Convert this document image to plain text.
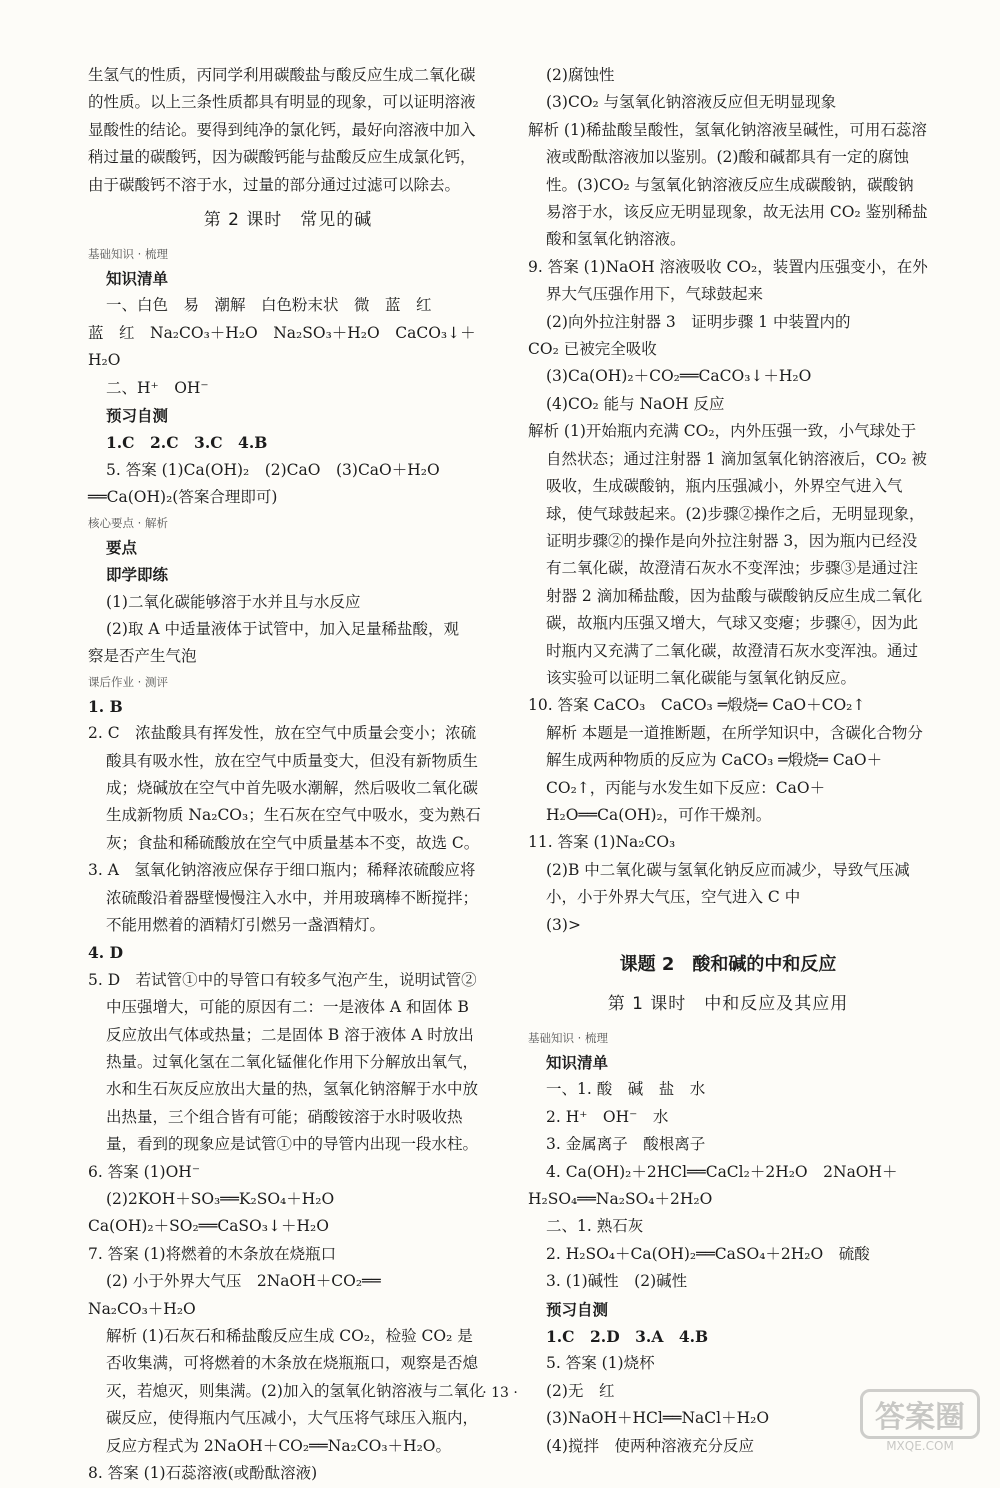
生氢气的性质，丙同学利用碳酸盐与酸反应生成二氧化碳的性质。以上三条性质都具有明显的现象，可以证明溶液显酸性的结论。要得到纯净的氯化钙，最好向溶液中加入稍过量的碳酸钙，因为碳酸钙能与盐酸反应生成氯化钙，由于碳酸钙不溶于水，过量的部分通过过滤可以除去。
第 2 课时　常见的碱
基础知识 · 梳理
知识清单
一、白色　易　潮解　白色粉末状　微　蓝　红
蓝　红　Na₂CO₃＋H₂O　Na₂SO₃＋H₂O　CaCO₃↓＋H₂O
二、H⁺　OH⁻
预习自测
1.C　2.C　3.C　4.B
5. 答案 (1)Ca(OH)₂　(2)CaO　(3)CaO＋H₂O
══Ca(OH)₂(答案合理即可)
核心要点 · 解析
要点
即学即练
(1)二氧化碳能够溶于水并且与水反应
(2)取 A 中适量液体于试管中，加入足量稀盐酸，观
察是否产生气泡
课后作业 · 测评
1. B
2. C　浓盐酸具有挥发性，放在空气中质量会变小；浓硫酸具有吸水性，放在空气中质量变大，但没有新物质生成；烧碱放在空气中首先吸水潮解，然后吸收二氧化碳生成新物质 Na₂CO₃；生石灰在空气中吸水，变为熟石灰；食盐和稀硫酸放在空气中质量基本不变，故选 C。
3. A　氢氧化钠溶液应保存于细口瓶内；稀释浓硫酸应将浓硫酸沿着器壁慢慢注入水中，并用玻璃棒不断搅拌；不能用燃着的酒精灯引燃另一盏酒精灯。
4. D
5. D　若试管①中的导管口有较多气泡产生，说明试管②中压强增大，可能的原因有二：一是液体 A 和固体 B 反应放出气体或热量；二是固体 B 溶于液体 A 时放出热量。过氧化氢在二氧化锰催化作用下分解放出氧气，水和生石灰反应放出大量的热，氢氧化钠溶解于水中放出热量，三个组合皆有可能；硝酸铵溶于水时吸收热量，看到的现象应是试管①中的导管内出现一段水柱。
6. 答案 (1)OH⁻
(2)2KOH＋SO₃══K₂SO₄＋H₂O
Ca(OH)₂＋SO₂══CaSO₃↓＋H₂O
7. 答案 (1)将燃着的木条放在烧瓶口
(2) 小于外界大气压　2NaOH＋CO₂══
Na₂CO₃＋H₂O
解析 (1)石灰石和稀盐酸反应生成 CO₂，检验 CO₂ 是否收集满，可将燃着的木条放在烧瓶瓶口，观察是否熄灭，若熄灭，则集满。(2)加入的氢氧化钠溶液与二氧化碳反应，使得瓶内气压减小，大气压将气球压入瓶内，反应方程式为 2NaOH＋CO₂══Na₂CO₃＋H₂O。
8. 答案 (1)石蕊溶液(或酚酞溶液)
(2)腐蚀性
(3)CO₂ 与氢氧化钠溶液反应但无明显现象
解析 (1)稀盐酸呈酸性，氢氧化钠溶液呈碱性，可用石蕊溶液或酚酞溶液加以鉴别。(2)酸和碱都具有一定的腐蚀性。(3)CO₂ 与氢氧化钠溶液反应生成碳酸钠，碳酸钠易溶于水，该反应无明显现象，故无法用 CO₂ 鉴别稀盐酸和氢氧化钠溶液。
9. 答案 (1)NaOH 溶液吸收 CO₂，装置内压强变小，在外界大气压强作用下，气球鼓起来
(2)向外拉注射器 3　证明步骤 1 中装置内的
CO₂ 已被完全吸收
(3)Ca(OH)₂＋CO₂══CaCO₃↓＋H₂O
(4)CO₂ 能与 NaOH 反应
解析 (1)开始瓶内充满 CO₂，内外压强一致，小气球处于自然状态；通过注射器 1 滴加氢氧化钠溶液后，CO₂ 被吸收，生成碳酸钠，瓶内压强减小，外界空气进入气球，使气球鼓起来。(2)步骤②操作之后，无明显现象，证明步骤②的操作是向外拉注射器 3，因为瓶内已经没有二氧化碳，故澄清石灰水不变浑浊；步骤③是通过注射器 2 滴加稀盐酸，因为盐酸与碳酸钠反应生成二氧化碳，故瓶内压强又增大，气球又变瘪；步骤④，因为此时瓶内又充满了二氧化碳，故澄清石灰水变浑浊。通过该实验可以证明二氧化碳能与氢氧化钠反应。
10. 答案 CaCO₃　CaCO₃ ═煅烧═ CaO＋CO₂↑
解析 本题是一道推断题，在所学知识中，含碳化合物分解生成两种物质的反应为 CaCO₃ ═煅烧═ CaO＋CO₂↑，丙能与水发生如下反应：CaO＋H₂O══Ca(OH)₂，可作干燥剂。
11. 答案 (1)Na₂CO₃
(2)B 中二氧化碳与氢氧化钠反应而减少，导致气压减小，小于外界大气压，空气进入 C 中
(3)>
课题 2　酸和碱的中和反应
第 1 课时　中和反应及其应用
基础知识 · 梳理
知识清单
一、1. 酸　碱　盐　水
2. H⁺　OH⁻　水
3. 金属离子　酸根离子
4. Ca(OH)₂＋2HCl══CaCl₂＋2H₂O　2NaOH＋
H₂SO₄══Na₂SO₄＋2H₂O
二、1. 熟石灰
2. H₂SO₄＋Ca(OH)₂══CaSO₄＋2H₂O　硫酸
3. (1)碱性　(2)碱性
预习自测
1.C　2.D　3.A　4.B
5. 答案 (1)烧杯
(2)无　红
(3)NaOH＋HCl══NaCl＋H₂O
(4)搅拌　使两种溶液充分反应
· 13 ·
答案圈
MXQE.COM
